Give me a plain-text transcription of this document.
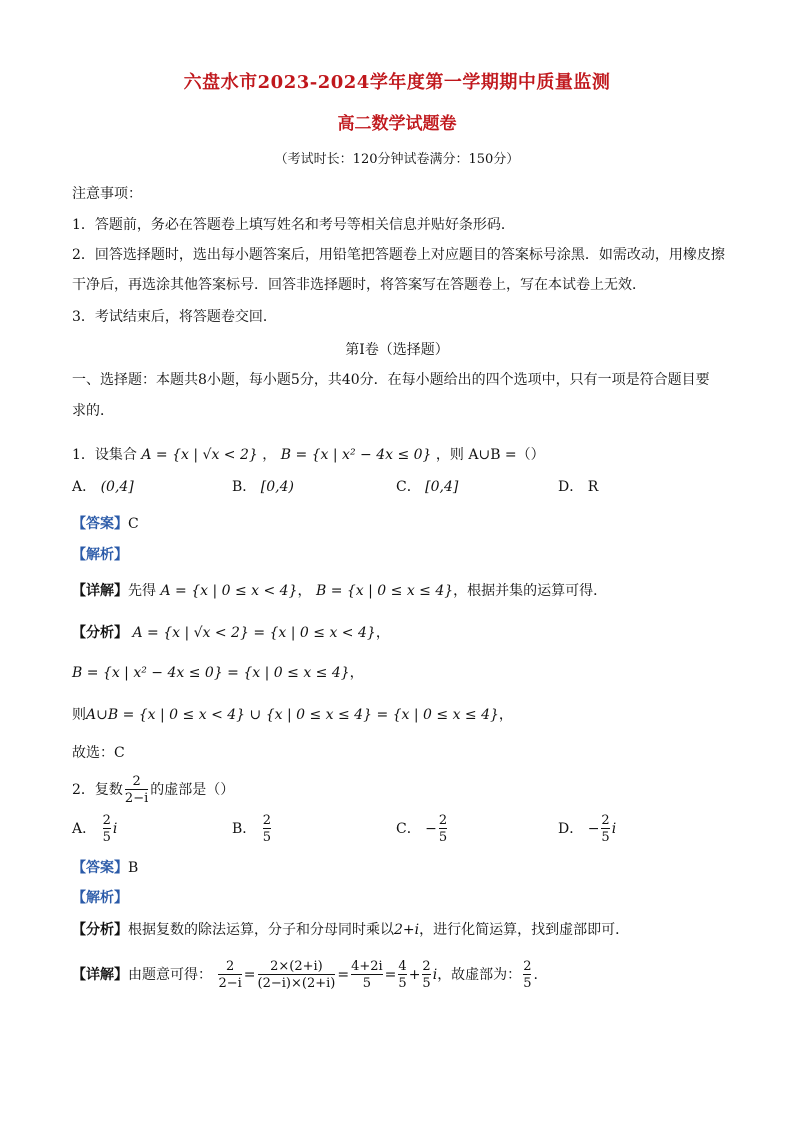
六盘水市2023-2024学年度第一学期期中质量监测
高二数学试题卷
（考试时长：120分钟试卷满分：150分）
注意事项：
1．答题前，务必在答题卷上填写姓名和考号等相关信息并贴好条形码．
2．回答选择题时，选出每小题答案后，用铅笔把答题卷上对应题目的答案标号涂黑．如需改动，用橡皮擦
干净后，再选涂其他答案标号．回答非选择题时，将答案写在答题卷上，写在本试卷上无效．
3．考试结束后，将答题卷交回．
第I卷（选择题）
一、选择题：本题共8小题，每小题5分，共40分．在每小题给出的四个选项中，只有一项是符合题目要
求的．
1．设集合 A = {x | √x < 2} ， B = {x | x² − 4x ≤ 0} ，则 A∪B =（）
A． (0,4]	B． [0,4)	C． [0,4]	D． R
【答案】C
【解析】
【详解】先得 A = {x | 0 ≤ x < 4}， B = {x | 0 ≤ x ≤ 4}，根据并集的运算可得．
【分析】 A = {x | √x < 2} = {x | 0 ≤ x < 4}，
B = {x | x² − 4x ≤ 0} = {x | 0 ≤ x ≤ 4}，
则A∪B = {x | 0 ≤ x < 4} ∪ {x | 0 ≤ x ≤ 4} = {x | 0 ≤ x ≤ 4}，
故选：C
2．复数 $\frac{2}{2-i}$ 的虚部是（）
A． $\frac{2}{5}$ i	B． $\frac{2}{5}$	C． − $\frac{2}{5}$	D． − $\frac{2}{5}$ i
【答案】B
【解析】
【分析】根据复数的除法运算，分子和分母同时乘以2+i，进行化简运算，找到虚部即可．
【详解】由题意可得： $\frac{2}{2-i} = \frac{2\times(2+i)}{(2-i)\times(2+i)} = \frac{4+2i}{5} = \frac{4}{5} + \frac{2}{5}$ i，故虚部为： $\frac{2}{5}$ .
